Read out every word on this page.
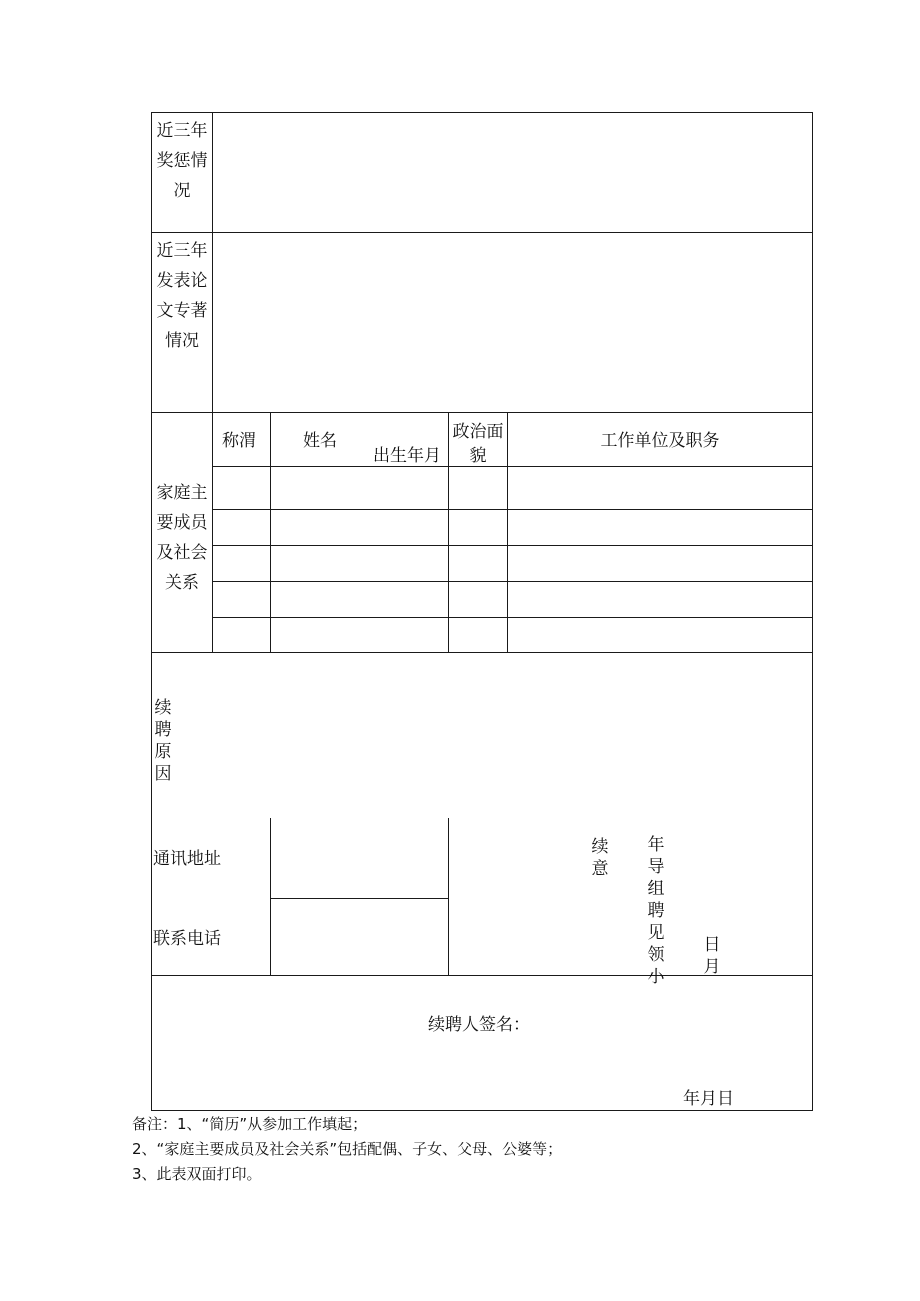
近三年奖惩情况
近三年发表论文专著情况
家庭主要成员及社会关系
称渭	姓名
出生年月
政治面貌
工作单位及职务
续聘原因
通讯地址
联系电话
续意
年导组聘见领小
日月
续聘人签名：
年月日
备注：1、“简历”从参加工作填起；
2、“家庭主要成员及社会关系”包括配偶、子女、父母、公婆等；
3、此表双面打印。
